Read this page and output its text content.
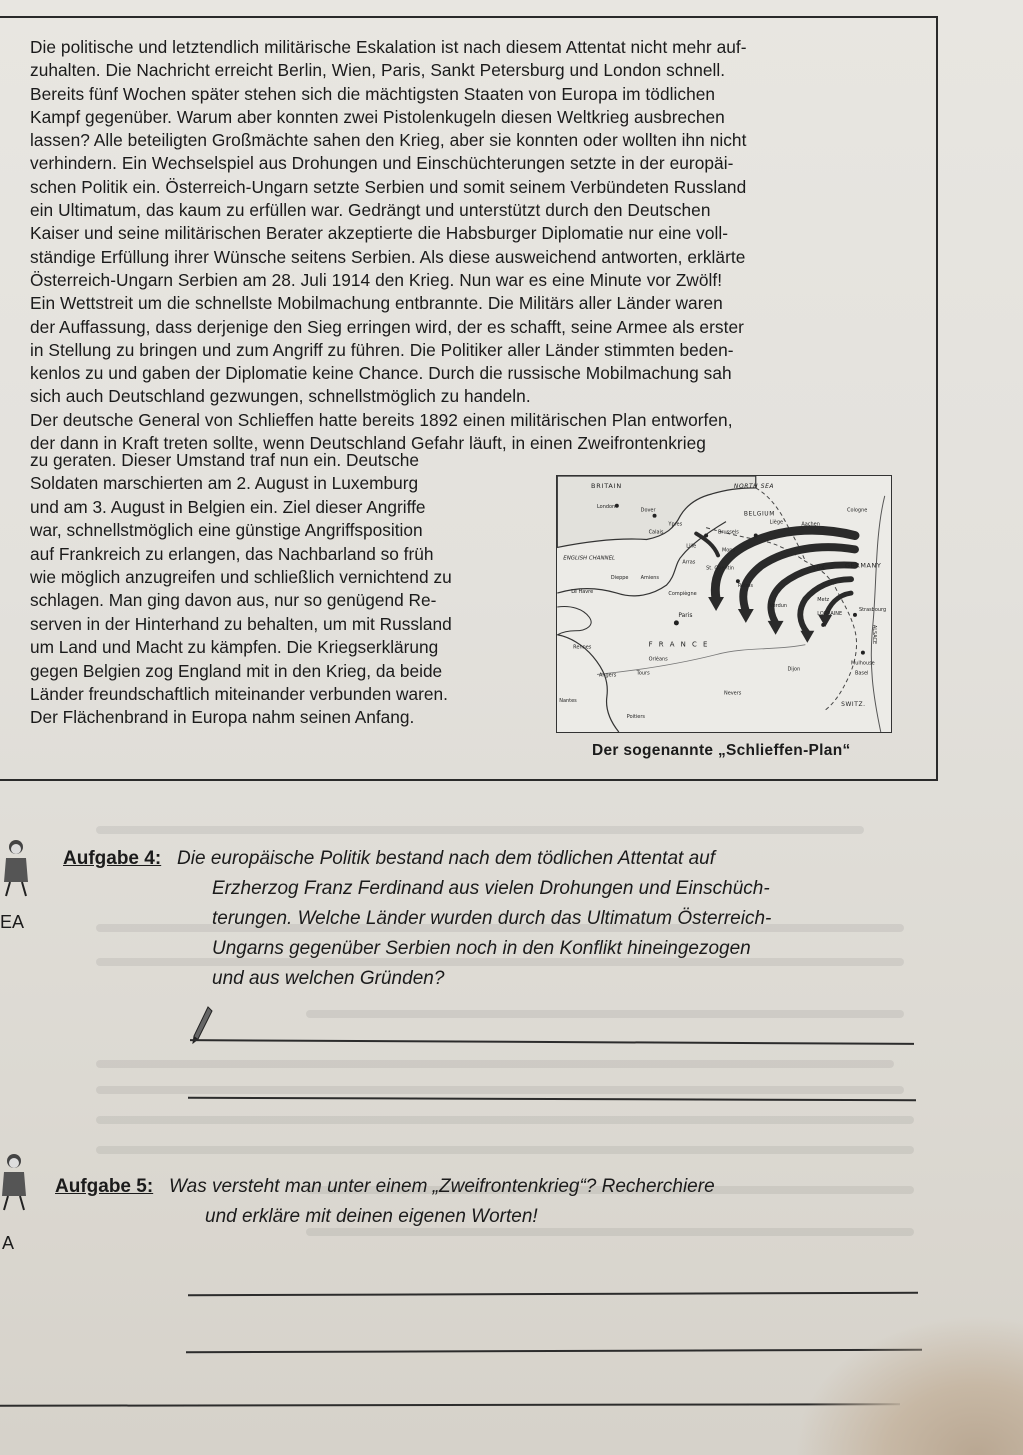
Die politische und letztendlich militärische Eskalation ist nach diesem Attentat nicht mehr auf-
zuhalten. Die Nachricht erreicht Berlin, Wien, Paris, Sankt Petersburg und London schnell.
Bereits fünf Wochen später stehen sich die mächtigsten Staaten von Europa im tödlichen
Kampf gegenüber. Warum aber konnten zwei Pistolenkugeln diesen Weltkrieg ausbrechen
lassen? Alle beteiligten Großmächte sahen den Krieg, aber sie konnten oder wollten ihn nicht
verhindern. Ein Wechselspiel aus Drohungen und Einschüchterungen setzte in der europäi-
schen Politik ein. Österreich-Ungarn setzte Serbien und somit seinem Verbündeten Russland
ein Ultimatum, das kaum zu erfüllen war. Gedrängt und unterstützt durch den Deutschen
Kaiser und seine militärischen Berater akzeptierte die Habsburger Diplomatie nur eine voll-
ständige Erfüllung ihrer Wünsche seitens Serbien. Als diese ausweichend antworten, erklärte
Österreich-Ungarn Serbien am 28. Juli 1914 den Krieg. Nun war es eine Minute vor Zwölf!
Ein Wettstreit um die schnellste Mobilmachung entbrannte. Die Militärs aller Länder waren
der Auffassung, dass derjenige den Sieg erringen wird, der es schafft, seine Armee als erster
in Stellung zu bringen und zum Angriff zu führen. Die Politiker aller Länder stimmten beden-
kenlos zu und gaben der Diplomatie keine Chance. Durch die russische Mobilmachung sah
sich auch Deutschland gezwungen, schnellstmöglich zu handeln.
Der deutsche General von Schlieffen hatte bereits 1892 einen militärischen Plan entworfen,
der dann in Kraft treten sollte, wenn Deutschland Gefahr läuft, in einen Zweifrontenkrieg
zu geraten. Dieser Umstand traf nun ein. Deutsche
Soldaten marschierten am 2. August in Luxemburg
und am 3. August in Belgien ein. Ziel dieser Angriffe
war, schnellstmöglich eine günstige Angriffsposition
auf Frankreich zu erlangen, das Nachbarland so früh
wie möglich anzugreifen und schließlich vernichtend zu
schlagen. Man ging davon aus, nur so genügend Re-
serven in der Hinterhand zu behalten, um mit Russland
um Land und Macht zu kämpfen. Die Kriegserklärung
gegen Belgien zog England mit in den Krieg, da beide
Länder freundschaftlich miteinander verbunden waren.
Der Flächenbrand in Europa nahm seinen Anfang.
BRITAIN	NORTH SEA
London
Dover	BELGIUM	Cologne
Calais
Ypres	Liège	Aachen
Brussels
ENGLISH CHANNEL
Lille
Mons
LUX	GERMANY
Arras
St. Quentin
Dieppe Amiens
Le Havre	Compiègne
Reims
Metz
Paris
Verdun
LORRAINE
Strasbourg
ALSACE
Rennes	F R A N C E
Orléans
Mulhouse
Dijon
Basel
Angers	Tours
Nevers
SWITZ.
Nantes
Poitiers
Der sogenannte „Schlieffen-Plan“
EA
Aufgabe 4: Die europäische Politik bestand nach dem tödlichen Attentat auf
Erzherzog Franz Ferdinand aus vielen Drohungen und Einschüch-
terungen. Welche Länder wurden durch das Ultimatum Österreich-
Ungarns gegenüber Serbien noch in den Konflikt hineingezogen
und aus welchen Gründen?
A
Aufgabe 5: Was versteht man unter einem „Zweifrontenkrieg“? Recherchiere
und erkläre mit deinen eigenen Worten!
